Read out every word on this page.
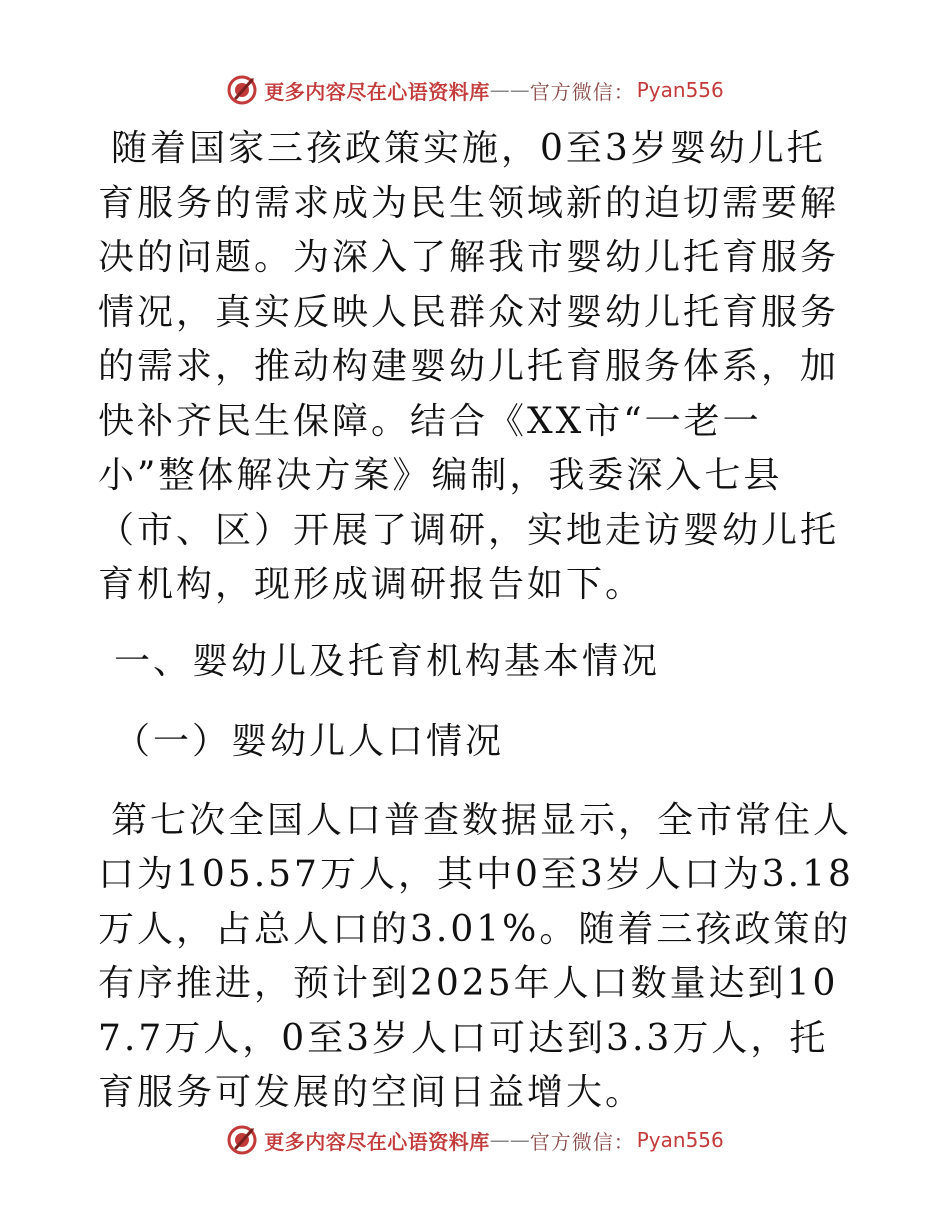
更多内容尽在心语资料库 —— 官方微信： Pyan556

随着国家三孩政策实施，0至3岁婴幼儿托育服务的需求成为民生领域新的迫切需要解决的问题。为深入了解我市婴幼儿托育服务情况，真实反映人民群众对婴幼儿托育服务的需求，推动构建婴幼儿托育服务体系，加快补齐民生保障。结合《XX市“一老一小”整体解决方案》编制，我委深入七县（市、区）开展了调研，实地走访婴幼儿托育机构，现形成调研报告如下。

一、婴幼儿及托育机构基本情况

（一）婴幼儿人口情况

第七次全国人口普查数据显示，全市常住人口为105.57万人，其中0至3岁人口为3.18万人，占总人口的3.01%。随着三孩政策的有序推进，预计到2025年人口数量达到107.7万人，0至3岁人口可达到3.3万人，托育服务可发展的空间日益增大。

更多内容尽在心语资料库 —— 官方微信： Pyan556
